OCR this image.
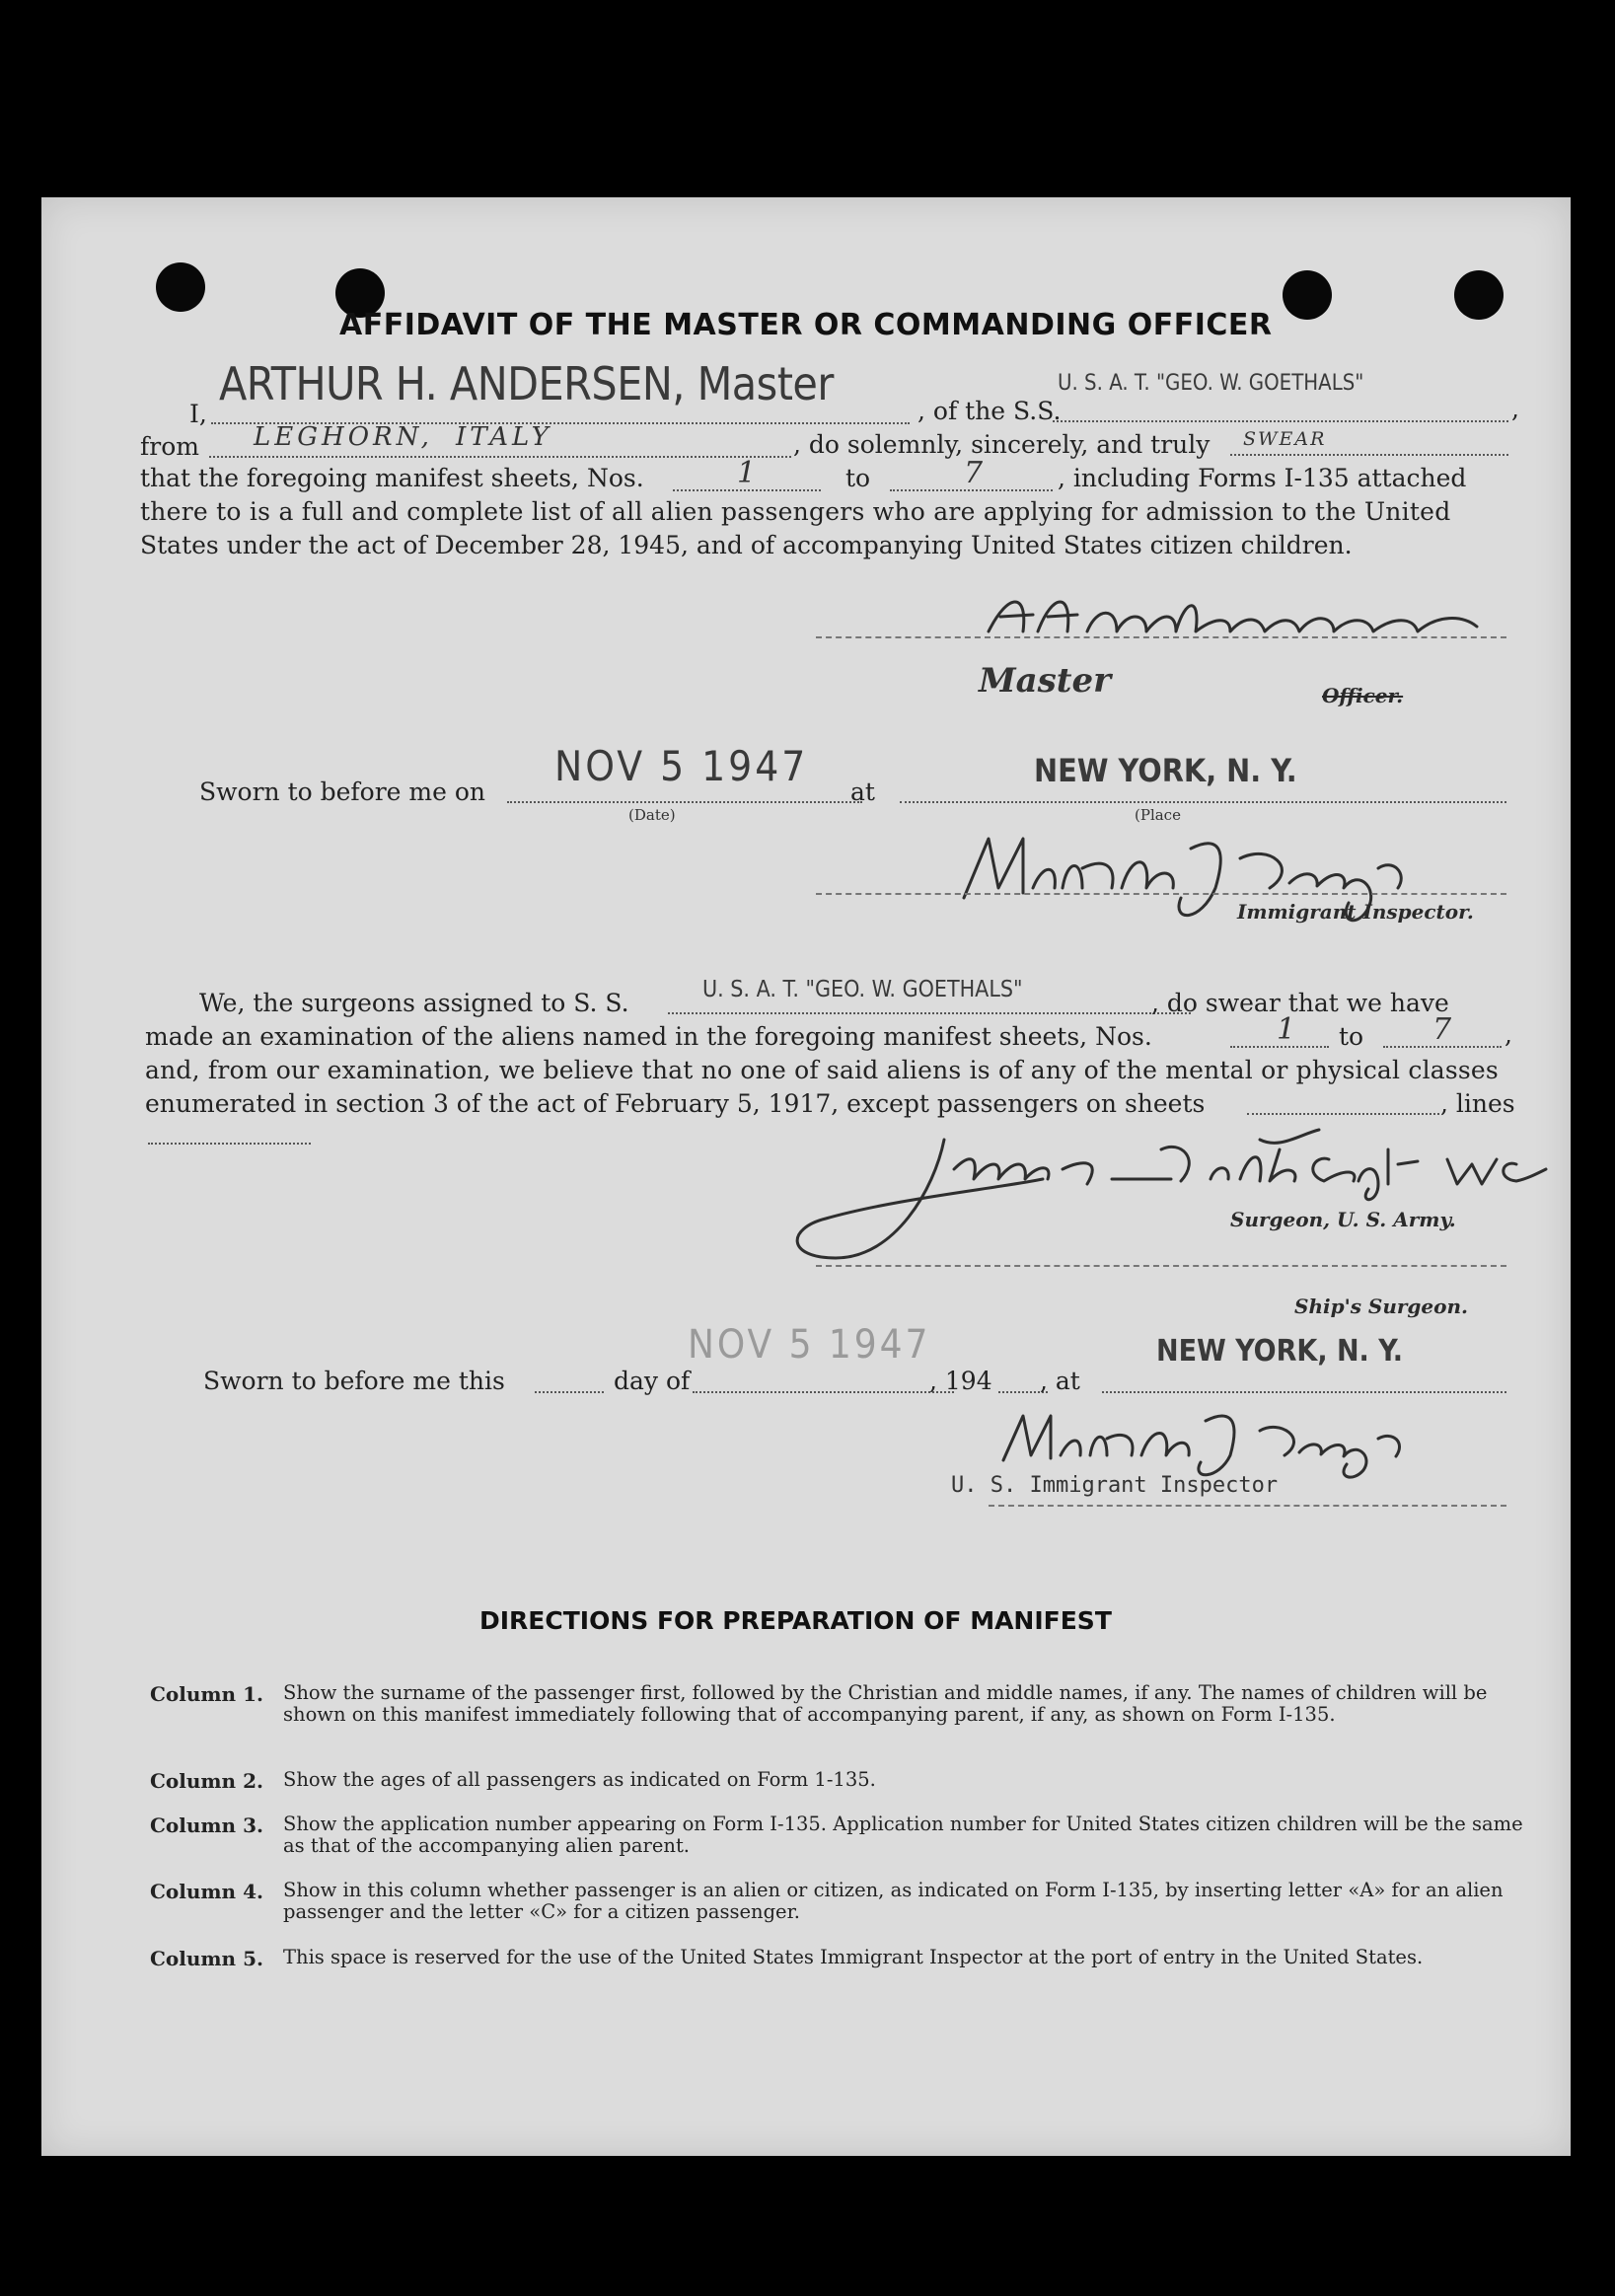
AFFIDAVIT OF THE MASTER OR COMMANDING OFFICER
I,
ARTHUR H. ANDERSEN, Master
, of the S.S.
U. S. A. T. "GEO. W. GOETHALS"
,
from LEGHORN, ITALY	, do solemnly, sincerely, and truly SWEAR
that the foregoing manifest sheets, Nos.	1	to	7	, including Forms I-135 attached
there to is a full and complete list of all alien passengers who are applying for admission to the United
States under the act of December 28, 1945, and of accompanying United States citizen children.
Master	Officer.
Sworn to before me on
NOV 5 1947
(Date)
at
NEW YORK, N. Y.
(Place
Immigrant Inspector.
We, the surgeons assigned to S. S.	U. S. A. T. "GEO. W. GOETHALS"	, do swear that we have
made an examination of the aliens named in the foregoing manifest sheets, Nos.	1 to 7 ,
and, from our examination, we believe that no one of said aliens is of any of the mental or physical classes
enumerated in section 3 of the act of February 5, 1917, except passengers on sheets	, lines
Surgeon, U. S. Army.
Ship's Surgeon.
Sworn to before me this	day of
NOV 5 1947
, 194 , at
NEW YORK, N. Y.
U. S. Immigrant Inspector
DIRECTIONS FOR PREPARATION OF MANIFEST
Column 1. Show the surname of the passenger first, followed by the Christian and middle names, if any. The names of children will be shown on this manifest immediately following that of accompanying parent, if any, as shown on Form I-135.
Column 2. Show the ages of all passengers as indicated on Form 1-135.
Column 3. Show the application number appearing on Form I-135. Application number for United States citizen children will be the same as that of the accompanying alien parent.
Column 4. Show in this column whether passenger is an alien or citizen, as indicated on Form I-135, by inserting letter «A» for an alien passenger and the letter «C» for a citizen passenger.
Column 5. This space is reserved for the use of the United States Immigrant Inspector at the port of entry in the United States.
